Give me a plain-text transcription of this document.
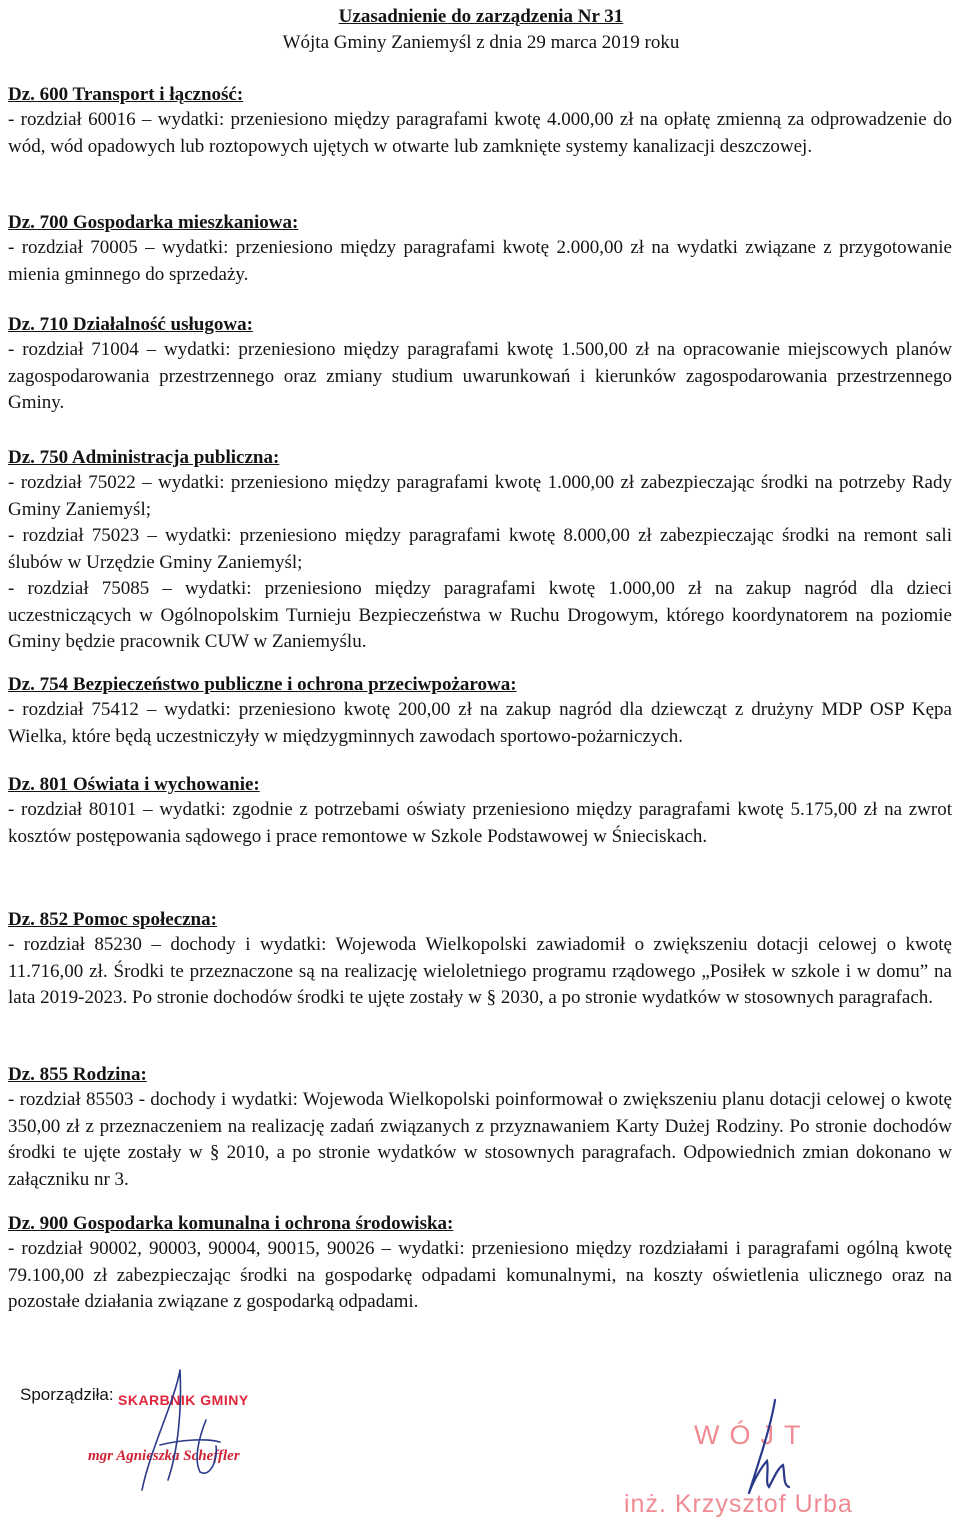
Uzasadnienie do zarządzenia Nr 31
Wójta Gminy Zaniemyśl z dnia 29 marca 2019 roku
Dz. 600 Transport i łączność:
- rozdział 60016 – wydatki: przeniesiono między paragrafami kwotę 4.000,00 zł na opłatę zmienną za odprowadzenie do wód, wód opadowych lub roztopowych ujętych w otwarte lub zamknięte systemy kanalizacji deszczowej.
Dz. 700 Gospodarka mieszkaniowa:
- rozdział 70005 – wydatki: przeniesiono między paragrafami kwotę 2.000,00 zł na wydatki związane z przygotowanie mienia gminnego do sprzedaży.
Dz. 710 Działalność usługowa:
- rozdział 71004 – wydatki: przeniesiono między paragrafami kwotę 1.500,00 zł na opracowanie miejscowych planów zagospodarowania przestrzennego oraz zmiany studium uwarunkowań i kierunków zagospodarowania przestrzennego Gminy.
Dz. 750 Administracja publiczna:
- rozdział 75022 – wydatki: przeniesiono między paragrafami kwotę 1.000,00 zł zabezpieczając środki na potrzeby Rady Gminy Zaniemyśl;
- rozdział 75023 – wydatki: przeniesiono między paragrafami kwotę 8.000,00 zł zabezpieczając środki na remont sali ślubów w Urzędzie Gminy Zaniemyśl;
- rozdział 75085 – wydatki: przeniesiono między paragrafami kwotę 1.000,00 zł na zakup nagród dla dzieci uczestniczących w Ogólnopolskim Turnieju Bezpieczeństwa w Ruchu Drogowym, którego koordynatorem na poziomie Gminy będzie pracownik CUW w Zaniemyślu.
Dz. 754 Bezpieczeństwo publiczne i ochrona przeciwpożarowa:
- rozdział 75412 – wydatki: przeniesiono kwotę 200,00 zł na zakup nagród dla dziewcząt z drużyny MDP OSP Kępa Wielka, które będą uczestniczyły w międzygminnych zawodach sportowo-pożarniczych.
Dz. 801 Oświata i wychowanie:
- rozdział 80101 – wydatki: zgodnie z potrzebami oświaty przeniesiono między paragrafami kwotę 5.175,00 zł na zwrot kosztów postępowania sądowego i prace remontowe w Szkole Podstawowej w Śnieciskach.
Dz. 852 Pomoc społeczna:
- rozdział 85230 – dochody i wydatki: Wojewoda Wielkopolski zawiadomił o zwiększeniu dotacji celowej o kwotę 11.716,00 zł. Środki te przeznaczone są na realizację wieloletniego programu rządowego „Posiłek w szkole i w domu” na lata 2019-2023. Po stronie dochodów środki te ujęte zostały w § 2030, a po stronie wydatków w stosownych paragrafach.
Dz. 855 Rodzina:
- rozdział 85503 - dochody i wydatki: Wojewoda Wielkopolski poinformował o zwiększeniu planu dotacji celowej o kwotę 350,00 zł z przeznaczeniem na realizację zadań związanych z przyznawaniem Karty Dużej Rodziny. Po stronie dochodów środki te ujęte zostały w § 2010, a po stronie wydatków w stosownych paragrafach. Odpowiednich zmian dokonano w załączniku nr 3.
Dz. 900 Gospodarka komunalna i ochrona środowiska:
- rozdział 90002, 90003, 90004, 90015, 90026 – wydatki: przeniesiono między rozdziałami i paragrafami ogólną kwotę 79.100,00 zł zabezpieczając środki na gospodarkę odpadami komunalnymi, na koszty oświetlenia ulicznego oraz na pozostałe działania związane z gospodarką odpadami.
Sporządziła: SKARBNIK GMINY
mgr Agnieszka Scheffler
WÓJT
inż. Krzysztof Urba
